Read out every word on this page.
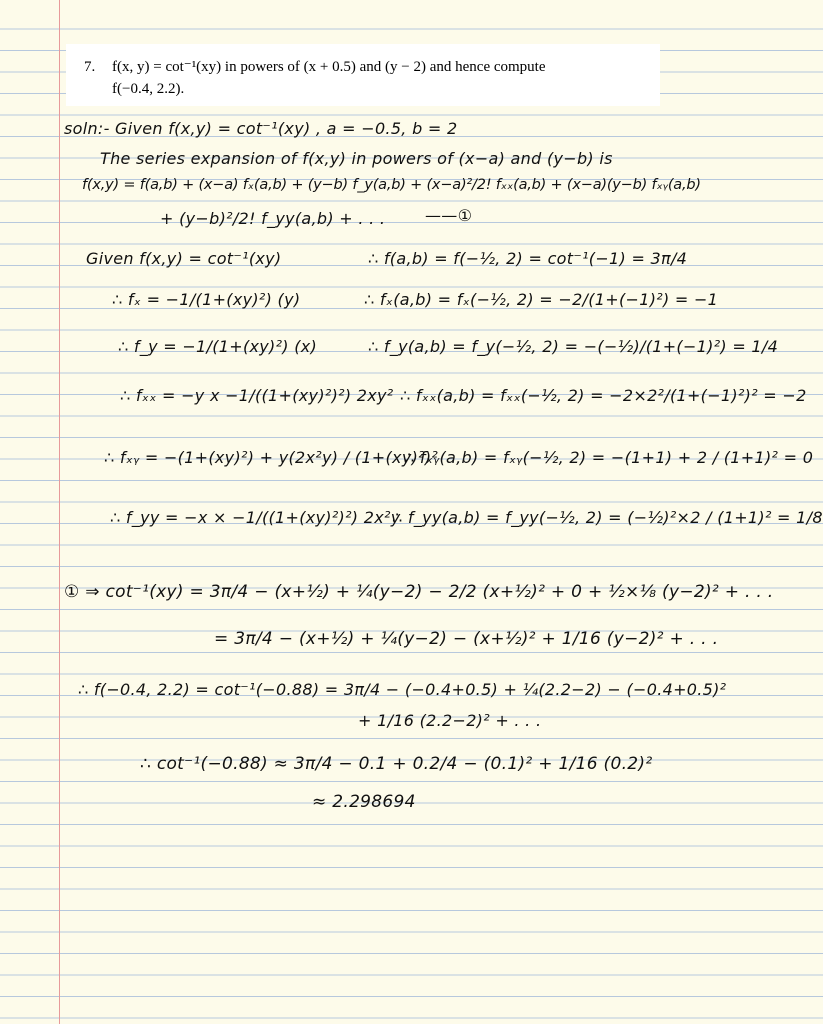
7. f(x, y) = cot⁻¹(xy) in powers of (x + 0.5) and (y − 2) and hence compute
f(−0.4, 2.2).
soln:- Given f(x,y) = cot⁻¹(xy) , a = −0.5, b = 2
The series expansion of f(x,y) in powers of (x−a) and (y−b) is
f(x,y) = f(a,b) + (x−a) fₓ(a,b) + (y−b) f_y(a,b) + (x−a)²/2! fₓₓ(a,b) + (x−a)(y−b) fₓᵧ(a,b)
+ (y−b)²/2! f_yy(a,b) + . . . ——①
Given f(x,y) = cot⁻¹(xy)	∴ f(a,b) = f(−½, 2) = cot⁻¹(−1) = 3π/4
∴ fₓ = −1/(1+(xy)²) (y)	∴ fₓ(a,b) = fₓ(−½, 2) = −2/(1+(−1)²) = −1
∴ f_y = −1/(1+(xy)²) (x)	∴ f_y(a,b) = f_y(−½, 2) = −(−½)/(1+(−1)²) = 1/4
∴ fₓₓ = −y x −1/((1+(xy)²)²) 2xy² ∴ fₓₓ(a,b) = fₓₓ(−½, 2) = −2×2²/(1+(−1)²)² = −2
∴ fₓᵧ = −(1+(xy)²) + y(2x²y) / (1+(xy)²)²
∴ fₓᵧ(a,b) = fₓᵧ(−½, 2) = −(1+1) + 2 / (1+1)² = 0
∴ f_yy = −x × −1/((1+(xy)²)²) 2x²y
∴ f_yy(a,b) = f_yy(−½, 2) = (−½)²×2 / (1+1)² = 1/8
① ⇒ cot⁻¹(xy) = 3π/4 − (x+½) + ¼(y−2) − 2/2 (x+½)² + 0 + ½×⅛ (y−2)² + . . .
= 3π/4 − (x+½) + ¼(y−2) − (x+½)² + 1/16 (y−2)² + . . .
∴ f(−0.4, 2.2) = cot⁻¹(−0.88) = 3π/4 − (−0.4+0.5) + ¼(2.2−2) − (−0.4+0.5)²
+ 1/16 (2.2−2)² + . . .
∴ cot⁻¹(−0.88) ≈ 3π/4 − 0.1 + 0.2/4 − (0.1)² + 1/16 (0.2)²
≈ 2.298694
